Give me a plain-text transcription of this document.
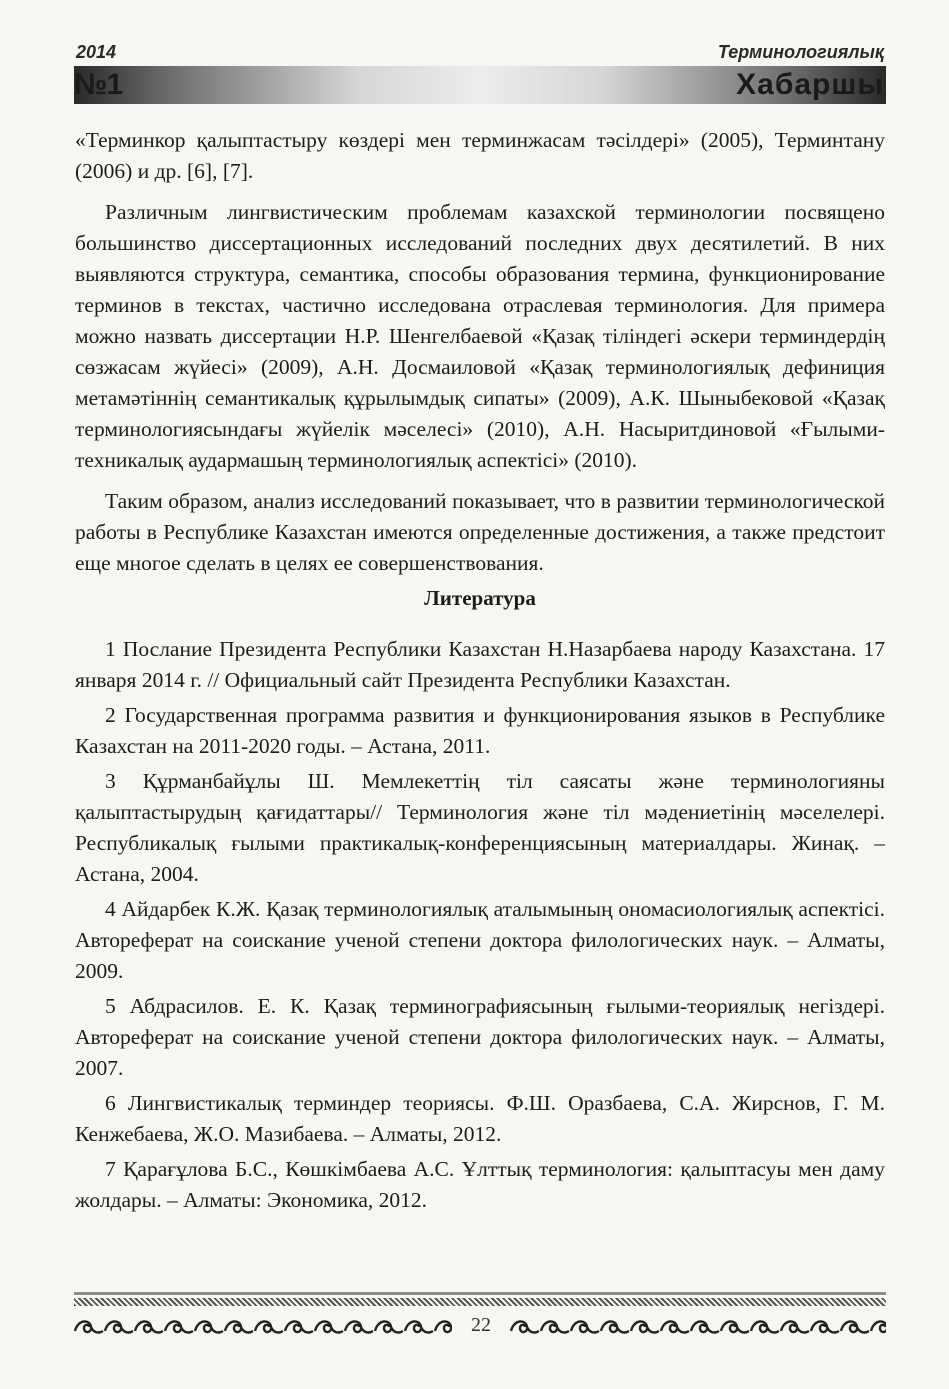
2014
№1
Терминологиялық
Хабаршы

«Терминкор қалыптастыру көздері мен терминжасам тәсілдері» (2005), Терминтану (2006) и др. [6], [7].

Различным лингвистическим проблемам казахской терминологии посвящено большинство диссертационных исследований последних двух десятилетий. В них выявляются структура, семантика, способы образования термина, функционирование терминов в текстах, частично исследована отраслевая терминология. Для примера можно назвать диссертации Н.Р. Шенгелбаевой «Қазақ тіліндегі әскери терминдердің сөзжасам жүйесі» (2009), А.Н. Досмаиловой «Қазақ терминологиялық дефиниция метамәтіннің семантикалық құрылымдық сипаты» (2009), А.К. Шыныбековой «Қазақ терминологиясындағы жүйелік мәселесі» (2010), А.Н. Насыритдиновой «Ғылыми-техникалық аудармашың терминологиялық аспектісі» (2010).

Таким образом, анализ исследований показывает, что в развитии терминологической работы в Республике Казахстан имеются определенные достижения, а также предстоит еще многое сделать в целях ее совершенствования.

Литература

1 Послание Президента Республики Казахстан Н.Назарбаева народу Казахстана. 17 января 2014 г. // Официальный сайт Президента Республики Казахстан.

2 Государственная программа развития и функционирования языков в Республике Казахстан на 2011-2020 годы. – Астана, 2011.

3 Құрманбайұлы Ш. Мемлекеттің тіл саясаты және терминологияны қалыптастырудың қағидаттары// Терминология және тіл мәдениетінің мәселелері. Республикалық ғылыми практикалық-конференциясының материалдары. Жинақ. – Астана, 2004.

4 Айдарбек К.Ж. Қазақ терминологиялық аталымының ономасиологиялық аспектісі. Автореферат на соискание ученой степени доктора филологических наук. – Алматы, 2009.

5 Абдрасилов. Е. К. Қазақ терминографиясының ғылыми-теориялық негіздері. Автореферат на соискание ученой степени доктора филологических наук. – Алматы, 2007.

6 Лингвистикалық терминдер теориясы. Ф.Ш. Оразбаева, С.А. Жирснов, Г. М. Кенжебаева, Ж.О. Мазибаева. – Алматы, 2012.

7 Қарағұлова Б.С., Көшкімбаева А.С. Ұлттық терминология: қалыптасуы мен даму жолдары. – Алматы: Экономика, 2012.

22
